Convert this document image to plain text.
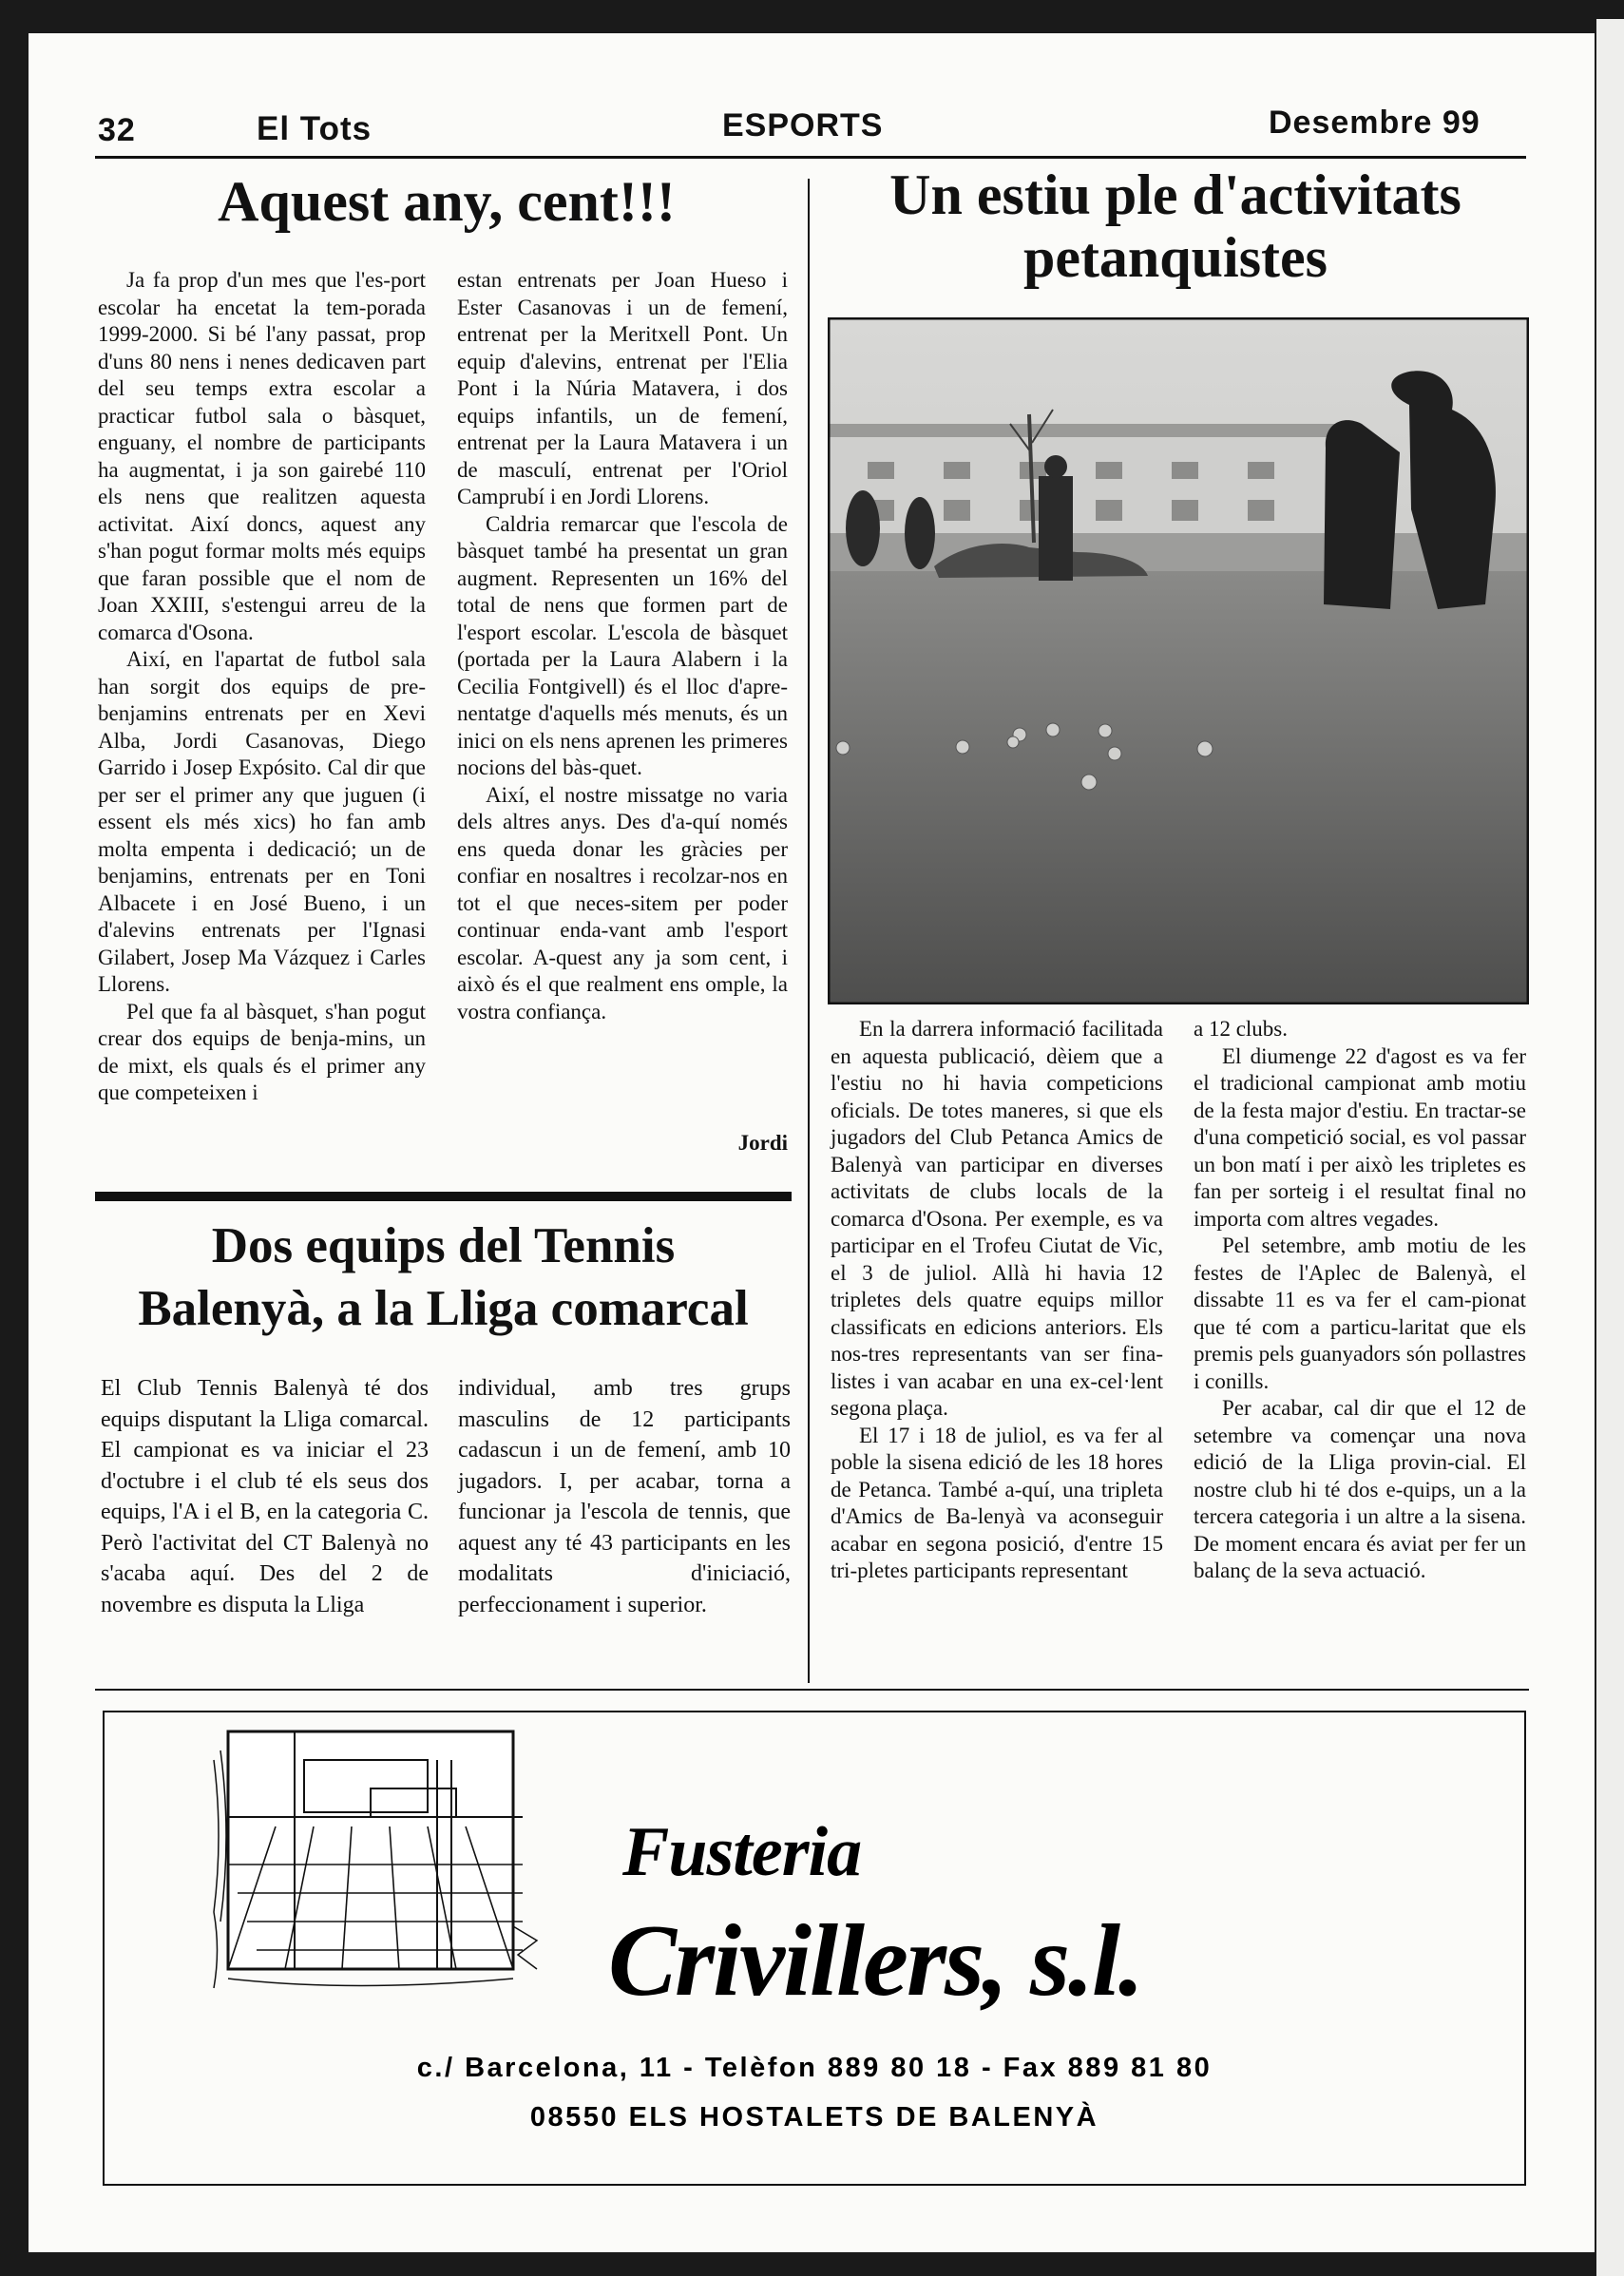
32	El Tots	ESPORTS	Desembre 99
Aquest any, cent!!!

Ja fa prop d'un mes que l'es-port escolar ha encetat la tem-porada 1999-2000. Si bé l'any passat, prop d'uns 80 nens i nenes dedicaven part del seu temps extra escolar a practicar futbol sala o bàsquet, enguany, el nombre de participants ha augmentat, i ja son gairebé 110 els nens que realitzen aquesta activitat. Així doncs, aquest any s'han pogut formar molts més equips que faran possible que el nom de Joan XXIII, s'estengui arreu de la comarca d'Osona.

Així, en l'apartat de futbol sala han sorgit dos equips de pre-benjamins entrenats per en Xevi Alba, Jordi Casanovas, Diego Garrido i Josep Expósito. Cal dir que per ser el primer any que juguen (i essent els més xics) ho fan amb molta empenta i dedicació; un de benjamins, entrenats per en Toni Albacete i en José Bueno, i un d'alevins entrenats per l'Ignasi Gilabert, Josep Ma Vázquez i Carles Llorens.

Pel que fa al bàsquet, s'han pogut crear dos equips de benja-mins, un de mixt, els quals és el primer any que competeixen i

estan entrenats per Joan Hueso i Ester Casanovas i un de femení, entrenat per la Meritxell Pont. Un equip d'alevins, entrenat per l'Elia Pont i la Núria Matavera, i dos equips infantils, un de femení, entrenat per la Laura Matavera i un de masculí, entrenat per l'Oriol Camprubí i en Jordi Llorens.

Caldria remarcar que l'escola de bàsquet també ha presentat un gran augment. Representen un 16% del total de nens que formen part de l'esport escolar. L'escola de bàsquet (portada per la Laura Alabern i la Cecilia Fontgivell) és el lloc d'apre-nentatge d'aquells més menuts, és un inici on els nens aprenen les primeres nocions del bàs-quet.

Així, el nostre missatge no varia dels altres anys. Des d'a-quí només ens queda donar les gràcies per confiar en nosaltres i recolzar-nos en tot el que neces-sitem per poder continuar enda-vant amb l'esport escolar. A-quest any ja som cent, i això és el que realment ens omple, la vostra confiança.

Jordi
Dos equips del Tennis
Balenyà, a la Lliga comarcal

El Club Tennis Balenyà té dos equips disputant la Lliga comarcal. El campionat es va iniciar el 23 d'octubre i el club té els seus dos equips, l'A i el B, en la categoria C. Però l'activitat del CT Balenyà no s'acaba aquí. Des del 2 de novembre es disputa la Lliga

individual, amb tres grups masculins de 12 participants cadascun i un de femení, amb 10 jugadors. I, per acabar, torna a funcionar ja l'escola de tennis, que aquest any té 43 participants en les modalitats d'iniciació, perfeccionament i superior.

Un estiu ple d'activitats
petanquistes

En la darrera informació facilitada en aquesta publicació, dèiem que a l'estiu no hi havia competicions oficials. De totes maneres, si que els jugadors del Club Petanca Amics de Balenyà van participar en diverses activitats de clubs locals de la comarca d'Osona. Per exemple, es va participar en el Trofeu Ciutat de Vic, el 3 de juliol. Allà hi havia 12 tripletes dels quatre equips millor classificats en edicions anteriors. Els nos-tres representants van ser fina-listes i van acabar en una ex-cel·lent segona plaça.

El 17 i 18 de juliol, es va fer al poble la sisena edició de les 18 hores de Petanca. També a-quí, una tripleta d'Amics de Ba-lenyà va aconseguir acabar en segona posició, d'entre 15 tri-pletes participants representant

a 12 clubs.

El diumenge 22 d'agost es va fer el tradicional campionat amb motiu de la festa major d'estiu. En tractar-se d'una competició social, es vol passar un bon matí i per això les tripletes es fan per sorteig i el resultat final no importa com altres vegades.

Pel setembre, amb motiu de les festes de l'Aplec de Balenyà, el dissabte 11 es va fer el cam-pionat que té com a particu-laritat que els premis pels guanyadors són pollastres i conills.

Per acabar, cal dir que el 12 de setembre va començar una nova edició de la Lliga provin-cial. El nostre club hi té dos e-quips, un a la tercera categoria i un altre a la sisena. De moment encara és aviat per fer un balanç de la seva actuació.

Fusteria
Crivillers, s.l.
c./ Barcelona, 11 - Telèfon 889 80 18 - Fax 889 81 80
08550 ELS HOSTALETS DE BALENYÀ
